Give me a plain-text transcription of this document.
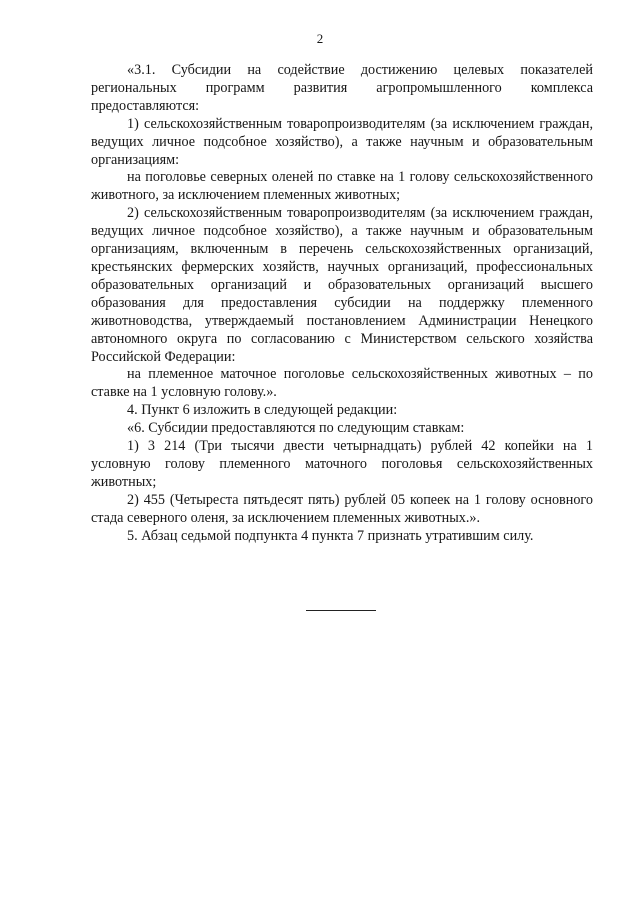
2

«3.1. Субсидии на содействие достижению целевых показателей региональных программ развития агропромышленного комплекса предоставляются:

1) сельскохозяйственным товаропроизводителям (за исключением граждан, ведущих личное подсобное хозяйство), а также научным и образовательным организациям:

на поголовье северных оленей по ставке на 1 голову сельскохозяйственного животного, за исключением племенных животных;

2) сельскохозяйственным товаропроизводителям (за исключением граждан, ведущих личное подсобное хозяйство), а также научным и образовательным организациям, включенным в перечень сельскохозяйственных организаций, крестьянских фермерских хозяйств, научных организаций, профессиональных образовательных организаций и образовательных организаций высшего образования для предоставления субсидии на поддержку племенного животноводства, утверждаемый постановлением Администрации Ненецкого автономного округа по согласованию с Министерством сельского хозяйства Российской Федерации:

на племенное маточное поголовье сельскохозяйственных животных – по ставке на 1 условную голову.».

4. Пункт 6 изложить в следующей редакции:

«6. Субсидии предоставляются по следующим ставкам:

1) 3 214 (Три тысячи двести четырнадцать) рублей 42 копейки на 1 условную голову племенного маточного поголовья сельскохозяйственных животных;

2) 455 (Четыреста пятьдесят пять) рублей 05 копеек на 1 голову основного стада северного оленя, за исключением племенных животных.».

5. Абзац седьмой подпункта 4 пункта 7 признать утратившим силу.
